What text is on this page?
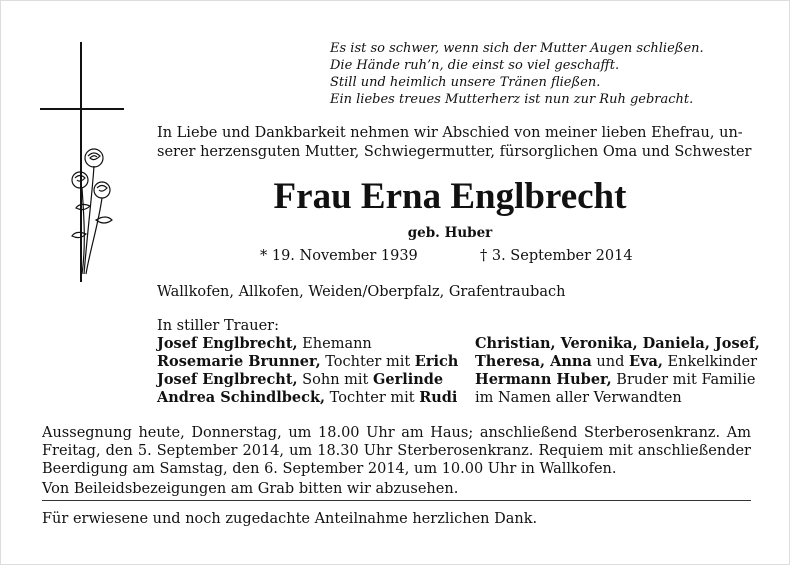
Es ist so schwer, wenn sich der Mutter Augen schließen.
Die Hände ruh’n, die einst so viel geschafft.
Still und heimlich unsere Tränen fließen.
Ein liebes treues Mutterherz ist nun zur Ruh gebracht.
In Liebe und Dankbarkeit nehmen wir Abschied von meiner lieben Ehefrau, un-
serer herzensguten Mutter, Schwiegermutter, fürsorglichen Oma und Schwester
Frau Erna Englbrecht
geb. Huber
* 19. November 1939	† 3. September 2014
Wallkofen, Allkofen, Weiden/Oberpfalz, Grafentraubach
In stiller Trauer:
Josef Englbrecht, Ehemann
Rosemarie Brunner, Tochter mit Erich
Josef Englbrecht, Sohn mit Gerlinde
Andrea Schindlbeck, Tochter mit Rudi
Christian, Veronika, Daniela, Josef,
Theresa, Anna und Eva, Enkelkinder
Hermann Huber, Bruder mit Familie
im Namen aller Verwandten
Aussegnung heute, Donnerstag, um 18.00 Uhr am Haus; anschließend Sterberosenkranz. Am
Freitag, den 5. September 2014, um 18.30 Uhr Sterberosenkranz. Requiem mit anschließender
Beerdigung am Samstag, den 6. September 2014, um 10.00 Uhr in Wallkofen.
Von Beileidsbezeigungen am Grab bitten wir abzusehen.
Für erwiesene und noch zugedachte Anteilnahme herzlichen Dank.
